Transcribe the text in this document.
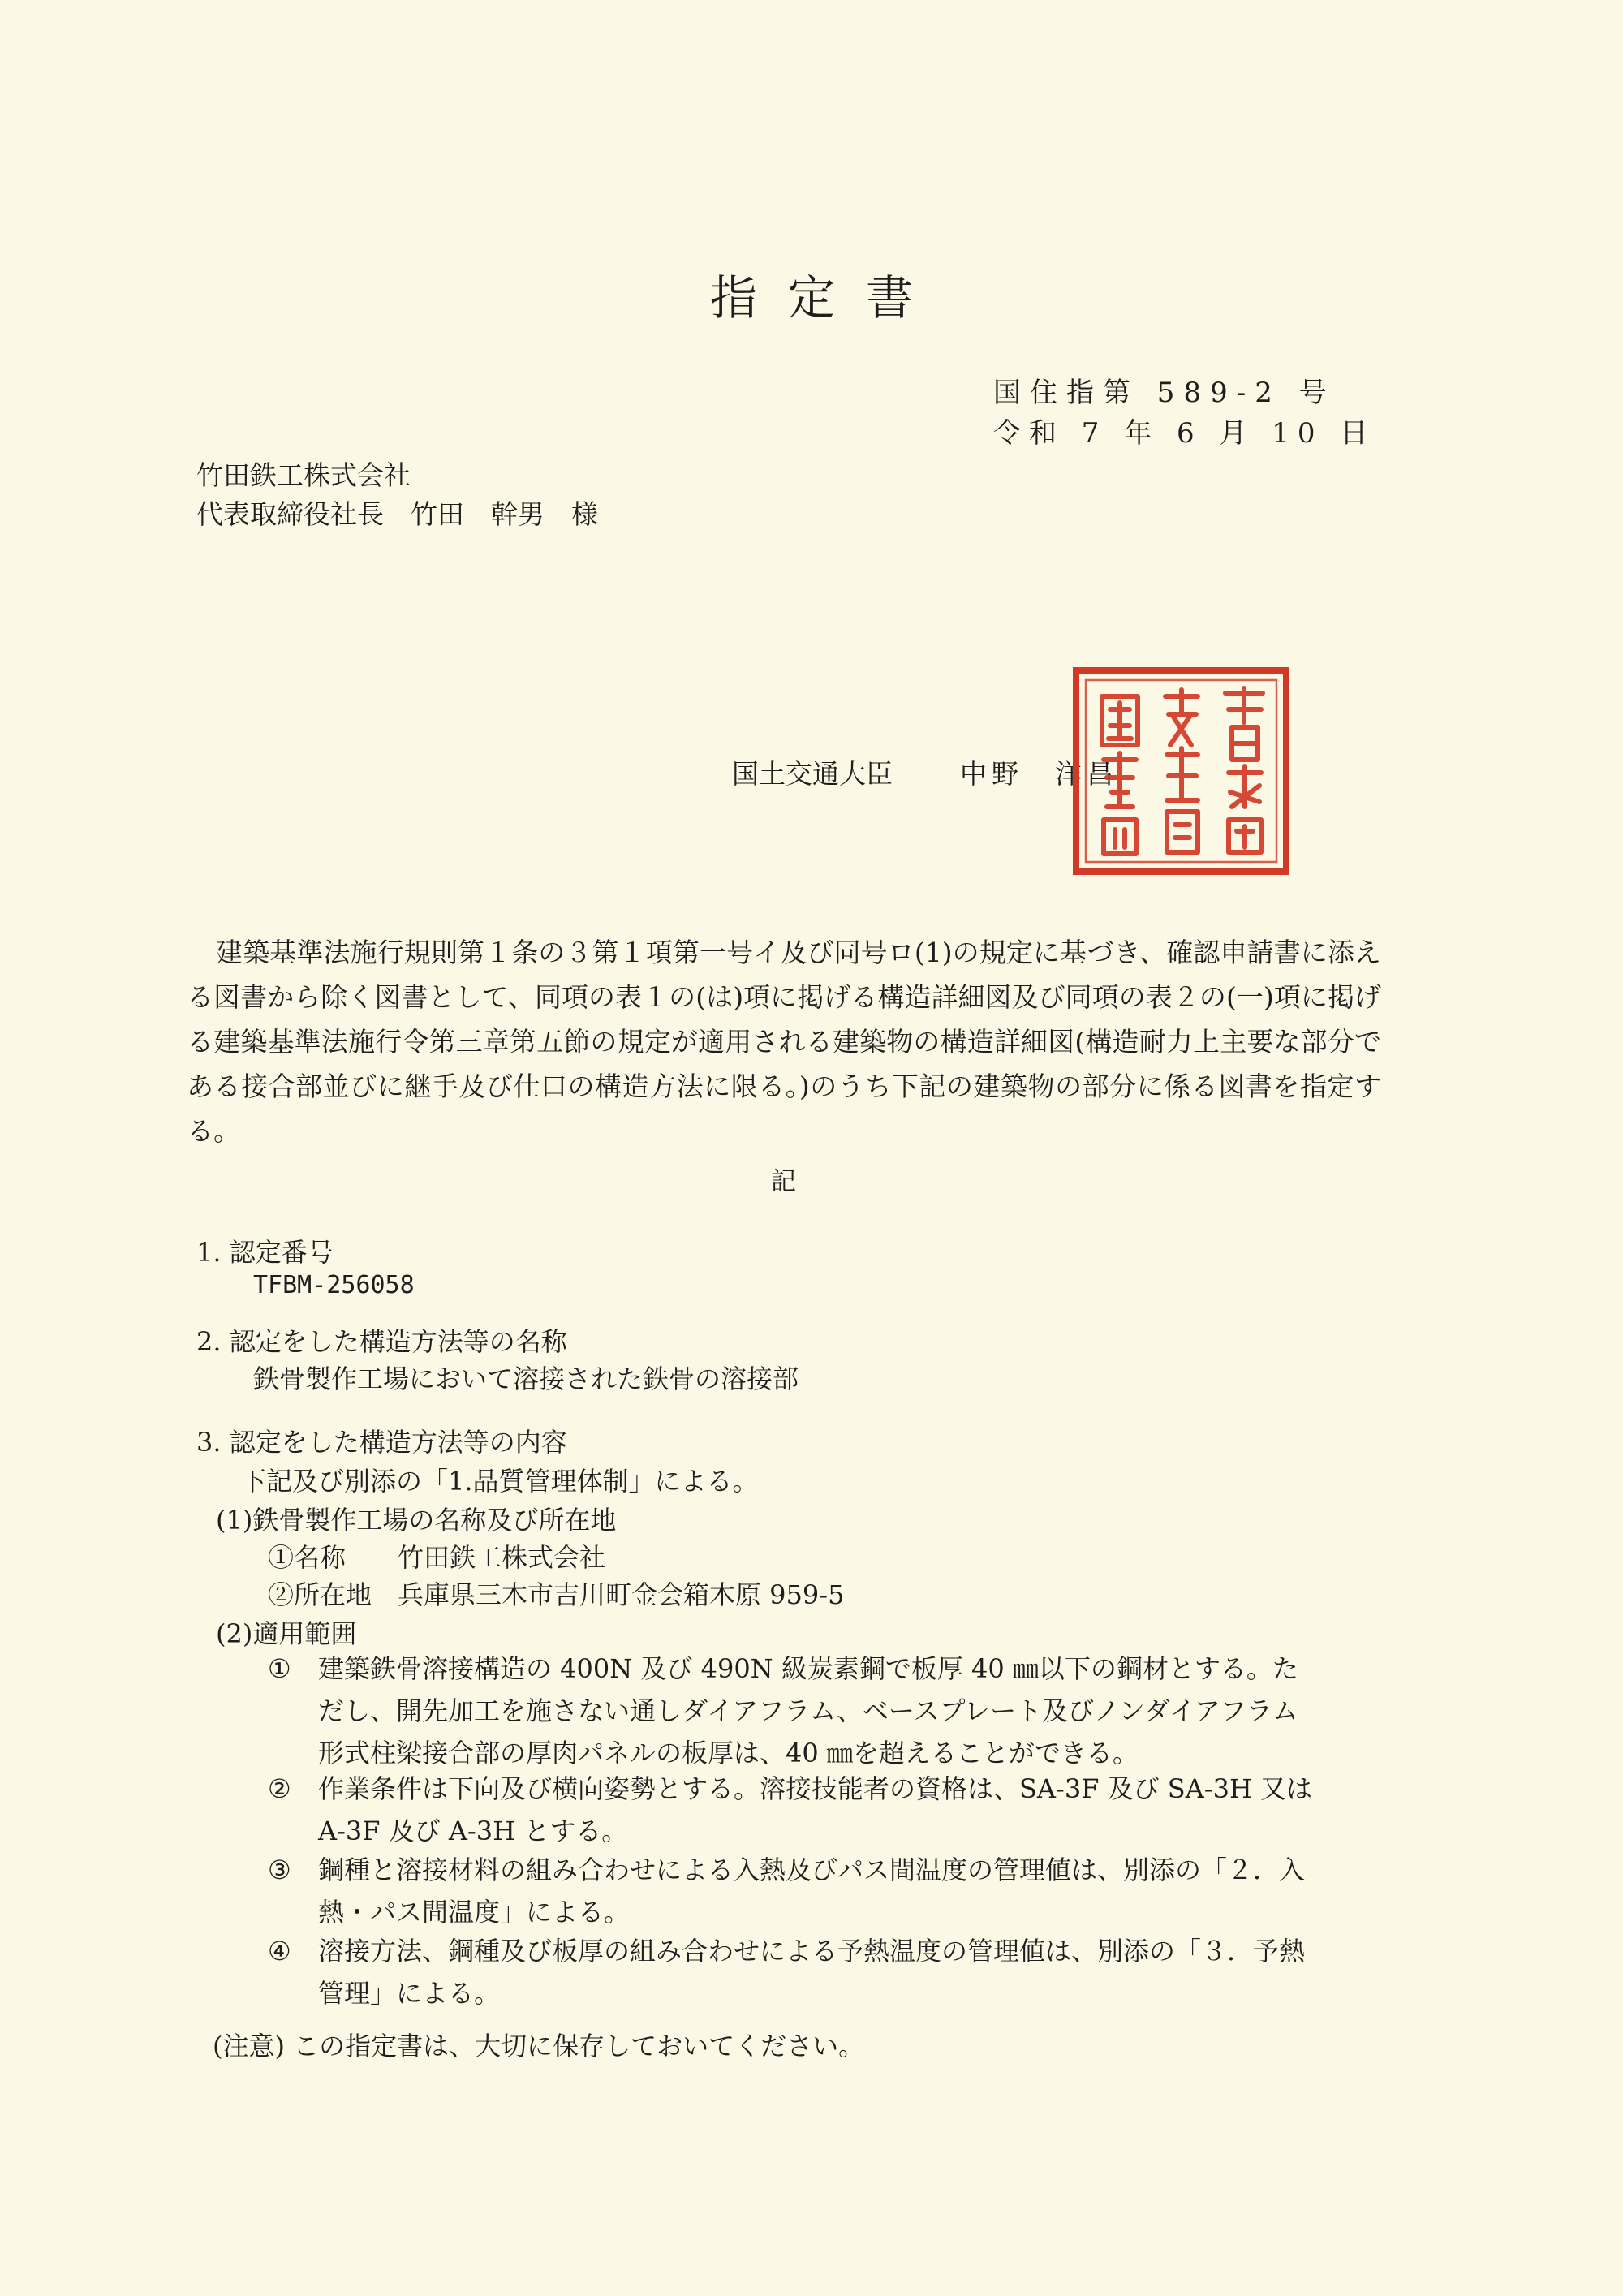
指定書
国住指第 589-2 号
令和 7 年 6 月 10 日
竹田鉄工株式会社
代表取締役社長　竹田　幹男　様
国土交通大臣	中野　洋昌

建築基準法施行規則第１条の３第１項第一号イ及び同号ロ(1)の規定に基づき、確認申請書に添える図書から除く図書として、同項の表１の(は)項に掲げる構造詳細図及び同項の表２の(一)項に掲げる建築基準法施行令第三章第五節の規定が適用される建築物の構造詳細図(構造耐力上主要な部分である接合部並びに継手及び仕口の構造方法に限る。)のうち下記の建築物の部分に係る図書を指定する。

記
1. 認定番号
TFBM-256058
2. 認定をした構造方法等の名称
鉄骨製作工場において溶接された鉄骨の溶接部
3. 認定をした構造方法等の内容
下記及び別添の「1.品質管理体制」による。
(1)鉄骨製作工場の名称及び所在地
①名称　　竹田鉄工株式会社
②所在地　兵庫県三木市吉川町金会箱木原 959-5
(2)適用範囲
① 建築鉄骨溶接構造の 400N 及び 490N 級炭素鋼で板厚 40 ㎜以下の鋼材とする。ただし、開先加工を施さない通しダイアフラム、ベースプレート及びノンダイアフラム形式柱梁接合部の厚肉パネルの板厚は、40 ㎜を超えることができる。
② 作業条件は下向及び横向姿勢とする。溶接技能者の資格は、SA-3F 及び SA-3H 又は A-3F 及び A-3H とする。
③ 鋼種と溶接材料の組み合わせによる入熱及びパス間温度の管理値は、別添の「２．入熱・パス間温度」による。
④ 溶接方法、鋼種及び板厚の組み合わせによる予熱温度の管理値は、別添の「３．予熱管理」による。
(注意) この指定書は、大切に保存しておいてください。
